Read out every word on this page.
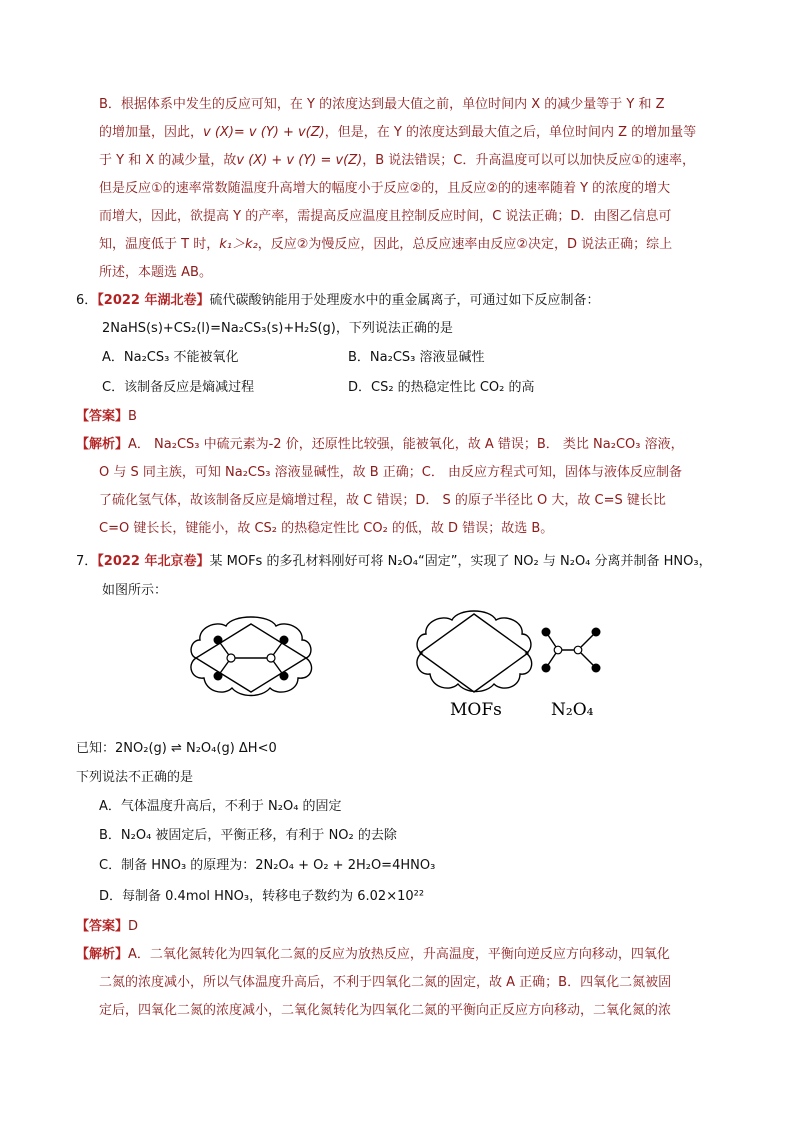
B．根据体系中发生的反应可知，在 Y 的浓度达到最大值之前，单位时间内 X 的减少量等于 Y 和 Z
的增加量，因此，v (X)= v (Y) + v(Z)，但是，在 Y 的浓度达到最大值之后，单位时间内 Z 的增加量等
于 Y 和 X 的减少量，故v (X) + v (Y) = v(Z)，B 说法错误；C．升高温度可以可以加快反应①的速率，
但是反应①的速率常数随温度升高增大的幅度小于反应②的，且反应②的的速率随着 Y 的浓度的增大
而增大，因此，欲提高 Y 的产率，需提高反应温度且控制反应时间，C 说法正确；D．由图乙信息可
知，温度低于 T 时，k₁＞k₂，反应②为慢反应，因此，总反应速率由反应②决定，D 说法正确；综上
所述，本题选 AB。
6．【2022 年湖北卷】硫代碳酸钠能用于处理废水中的重金属离子，可通过如下反应制备：
2NaHS(s)+CS₂(l)=Na₂CS₃(s)+H₂S(g)，下列说法正确的是
A．Na₂CS₃ 不能被氧化	B．Na₂CS₃ 溶液显碱性
C．该制备反应是熵减过程	D．CS₂ 的热稳定性比 CO₂ 的高
【答案】B
【解析】A． Na₂CS₃ 中硫元素为-2 价，还原性比较强，能被氧化，故 A 错误；B． 类比 Na₂CO₃ 溶液，
O 与 S 同主族，可知 Na₂CS₃ 溶液显碱性，故 B 正确；C． 由反应方程式可知，固体与液体反应制备
了硫化氢气体，故该制备反应是熵增过程，故 C 错误；D． S 的原子半径比 O 大，故 C=S 键长比
C=O 键长长，键能小，故 CS₂ 的热稳定性比 CO₂ 的低，故 D 错误；故选 B。
7．【2022 年北京卷】某 MOFs 的多孔材料刚好可将 N₂O₄“固定”，实现了 NO₂ 与 N₂O₄ 分离并制备 HNO₃，
如图所示：
MOFs	N₂O₄
已知：2NO₂(g) ⇌ N₂O₄(g) ΔH<0
下列说法不正确的是
A．气体温度升高后，不利于 N₂O₄ 的固定
B．N₂O₄ 被固定后，平衡正移，有利于 NO₂ 的去除
C．制备 HNO₃ 的原理为：2N₂O₄ + O₂ + 2H₂O=4HNO₃
D．每制备 0.4mol HNO₃，转移电子数约为 6.02×10²²
【答案】D
【解析】A．二氧化氮转化为四氧化二氮的反应为放热反应，升高温度，平衡向逆反应方向移动，四氧化
二氮的浓度减小，所以气体温度升高后，不利于四氧化二氮的固定，故 A 正确；B．四氧化二氮被固
定后，四氧化二氮的浓度减小，二氧化氮转化为四氧化二氮的平衡向正反应方向移动，二氧化氮的浓
